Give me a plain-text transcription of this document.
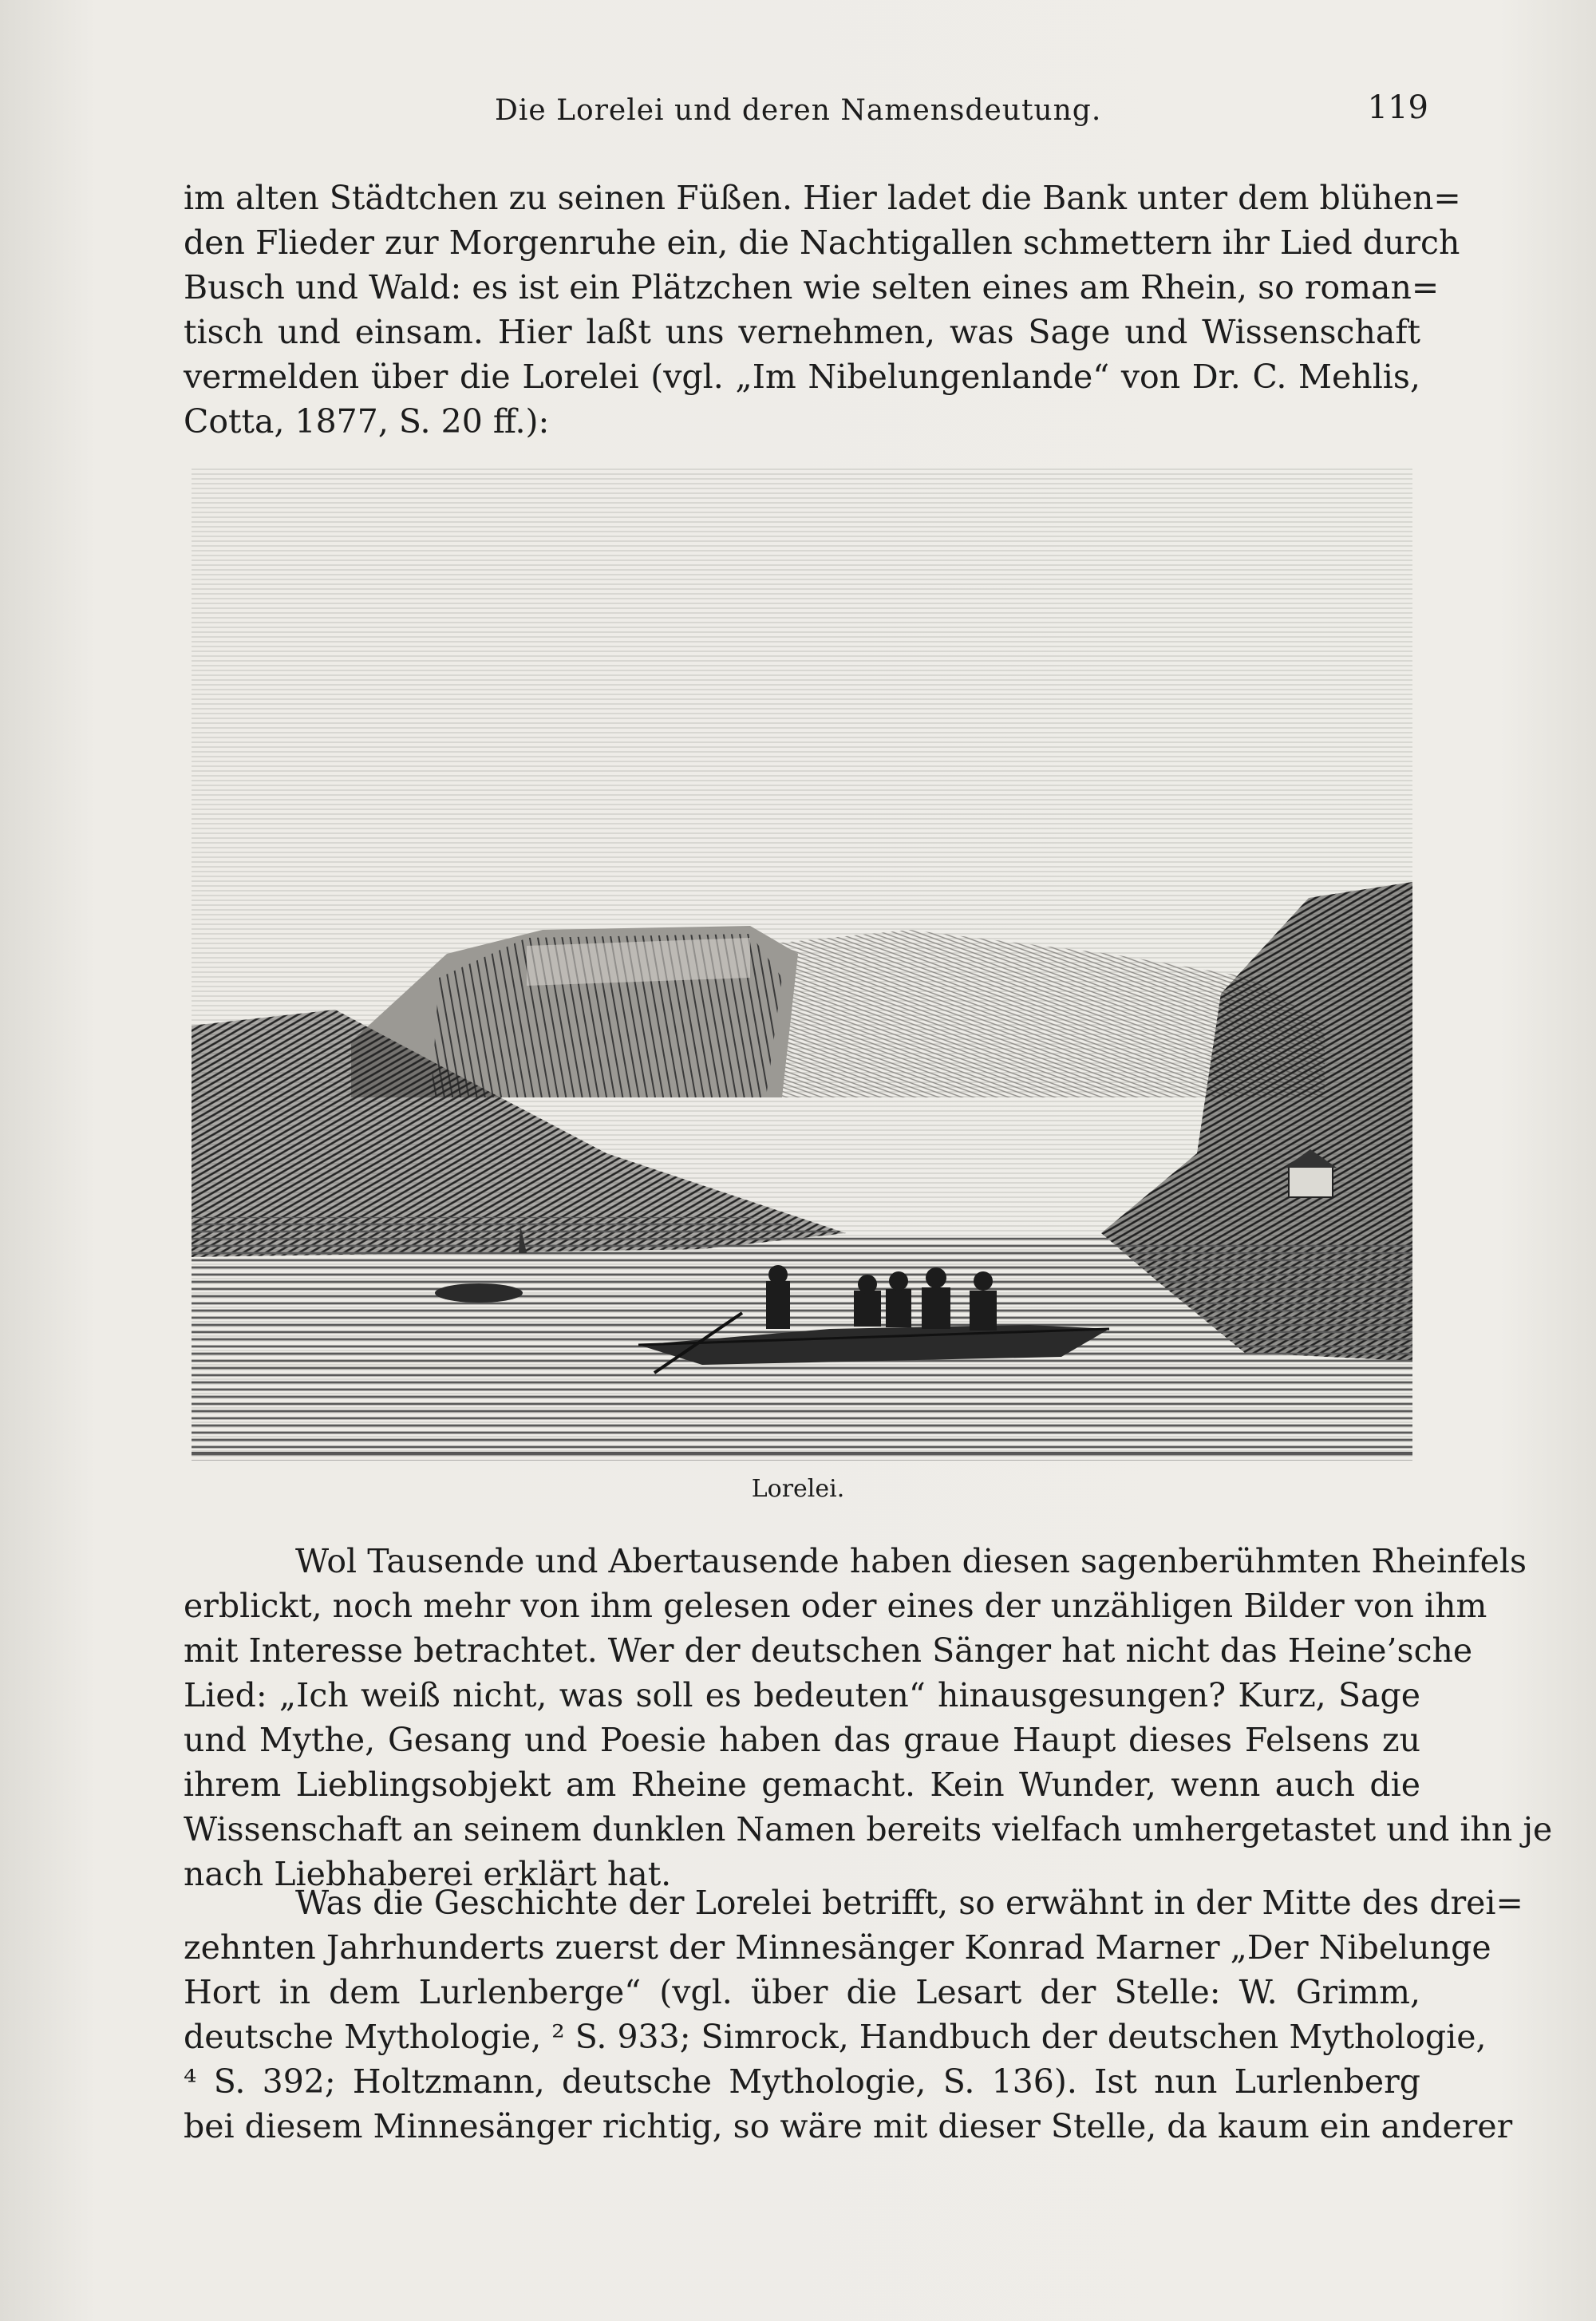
Die Lorelei und deren Namensdeutung.	119
im alten Städtchen zu seinen Füßen. Hier ladet die Bank unter dem blühen=
den Flieder zur Morgenruhe ein, die Nachtigallen schmettern ihr Lied durch
Busch und Wald: es ist ein Plätzchen wie selten eines am Rhein, so roman=
tisch und einsam. Hier laßt uns vernehmen, was Sage und Wissenschaft
vermelden über die Lorelei (vgl. „Im Nibelungenlande“ von Dr. C. Mehlis,
Cotta, 1877, S. 20 ff.):
Lorelei.
Wol Tausende und Abertausende haben diesen sagenberühmten Rheinfels
erblickt, noch mehr von ihm gelesen oder eines der unzähligen Bilder von ihm
mit Interesse betrachtet. Wer der deutschen Sänger hat nicht das Heine’sche
Lied: „Ich weiß nicht, was soll es bedeuten“ hinausgesungen? Kurz, Sage
und Mythe, Gesang und Poesie haben das graue Haupt dieses Felsens zu
ihrem Lieblingsobjekt am Rheine gemacht. Kein Wunder, wenn auch die
Wissenschaft an seinem dunklen Namen bereits vielfach umhergetastet und ihn je
nach Liebhaberei erklärt hat.
Was die Geschichte der Lorelei betrifft, so erwähnt in der Mitte des drei=
zehnten Jahrhunderts zuerst der Minnesänger Konrad Marner „Der Nibelunge
Hort in dem Lurlenberge“ (vgl. über die Lesart der Stelle: W. Grimm,
deutsche Mythologie, ² S. 933; Simrock, Handbuch der deutschen Mythologie,
⁴ S. 392; Holtzmann, deutsche Mythologie, S. 136). Ist nun Lurlenberg
bei diesem Minnesänger richtig, so wäre mit dieser Stelle, da kaum ein anderer
